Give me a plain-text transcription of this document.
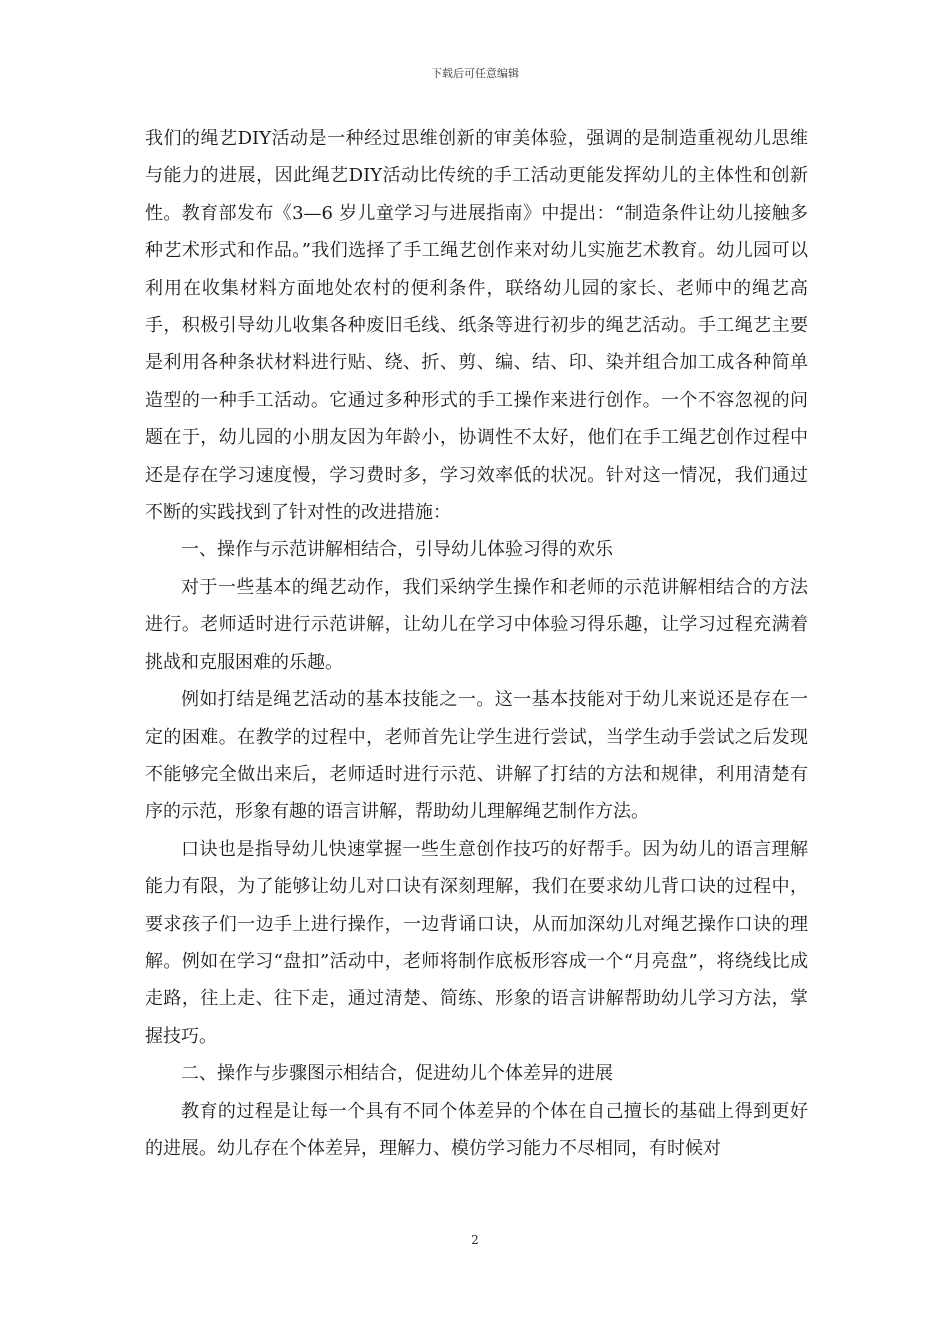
下载后可任意编辑

我们的绳艺DIY活动是一种经过思维创新的审美体验，强调的是制造重视幼儿思维与能力的进展，因此绳艺DIY活动比传统的手工活动更能发挥幼儿的主体性和创新性。教育部发布《3—6 岁儿童学习与进展指南》中提出：“制造条件让幼儿接触多种艺术形式和作品。”我们选择了手工绳艺创作来对幼儿实施艺术教育。幼儿园可以利用在收集材料方面地处农村的便利条件，联络幼儿园的家长、老师中的绳艺高手，积极引导幼儿收集各种废旧毛线、纸条等进行初步的绳艺活动。手工绳艺主要是利用各种条状材料进行贴、绕、折、剪、编、结、印、染并组合加工成各种简单造型的一种手工活动。它通过多种形式的手工操作来进行创作。一个不容忽视的问题在于，幼儿园的小朋友因为年龄小，协调性不太好，他们在手工绳艺创作过程中还是存在学习速度慢，学习费时多，学习效率低的状况。针对这一情况，我们通过不断的实践找到了针对性的改进措施：

一、操作与示范讲解相结合，引导幼儿体验习得的欢乐

对于一些基本的绳艺动作，我们采纳学生操作和老师的示范讲解相结合的方法进行。老师适时进行示范讲解，让幼儿在学习中体验习得乐趣，让学习过程充满着挑战和克服困难的乐趣。

例如打结是绳艺活动的基本技能之一。这一基本技能对于幼儿来说还是存在一定的困难。在教学的过程中，老师首先让学生进行尝试，当学生动手尝试之后发现不能够完全做出来后，老师适时进行示范、讲解了打结的方法和规律，利用清楚有序的示范，形象有趣的语言讲解，帮助幼儿理解绳艺制作方法。

口诀也是指导幼儿快速掌握一些生意创作技巧的好帮手。因为幼儿的语言理解能力有限，为了能够让幼儿对口诀有深刻理解，我们在要求幼儿背口诀的过程中，要求孩子们一边手上进行操作，一边背诵口诀，从而加深幼儿对绳艺操作口诀的理解。例如在学习“盘扣”活动中，老师将制作底板形容成一个“月亮盘”，将绕线比成走路，往上走、往下走，通过清楚、简练、形象的语言讲解帮助幼儿学习方法，掌握技巧。

二、操作与步骤图示相结合，促进幼儿个体差异的进展

教育的过程是让每一个具有不同个体差异的个体在自己擅长的基础上得到更好的进展。幼儿存在个体差异，理解力、模仿学习能力不尽相同，有时候对

2
